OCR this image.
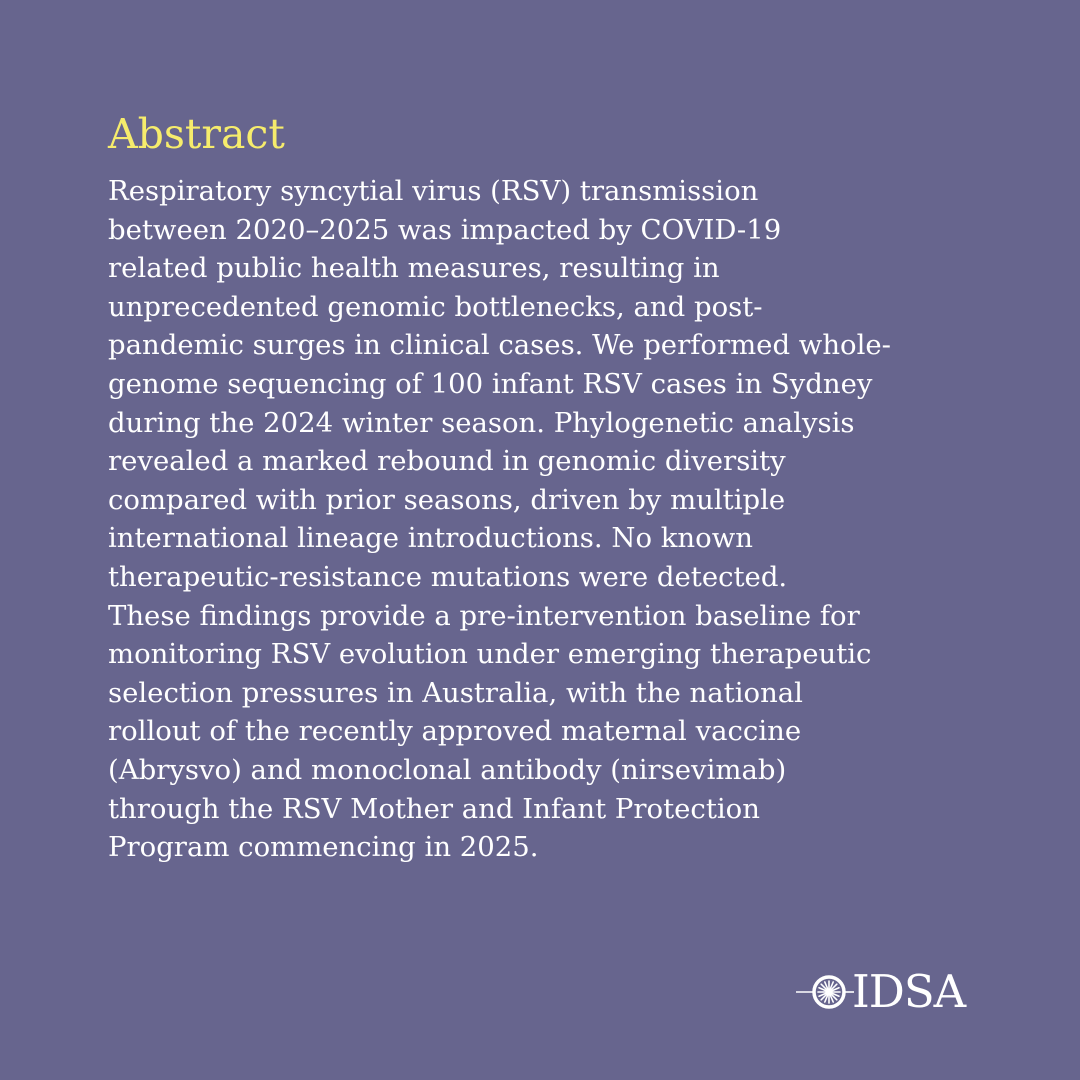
Abstract
Respiratory syncytial virus (RSV) transmission
between 2020–2025 was impacted by COVID-19
related public health measures, resulting in
unprecedented genomic bottlenecks, and post-
pandemic surges in clinical cases. We performed whole-
genome sequencing of 100 infant RSV cases in Sydney
during the 2024 winter season. Phylogenetic analysis
revealed a marked rebound in genomic diversity
compared with prior seasons, driven by multiple
international lineage introductions. No known
therapeutic-resistance mutations were detected.
These findings provide a pre-intervention baseline for
monitoring RSV evolution under emerging therapeutic
selection pressures in Australia, with the national
rollout of the recently approved maternal vaccine
(Abrysvo) and monoclonal antibody (nirsevimab)
through the RSV Mother and Infant Protection
Program commencing in 2025.
IDSA
